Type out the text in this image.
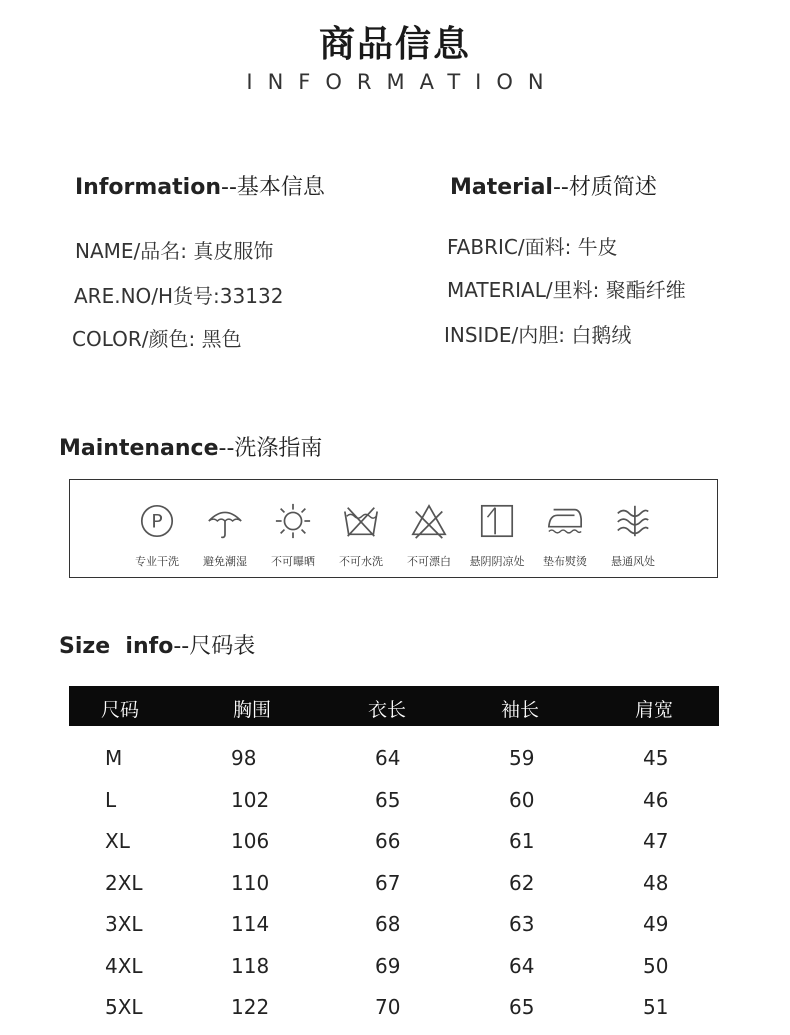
商品信息
INFORMATION
Information--基本信息
NAME/品名: 真皮服饰
ARE.NO/H货号:33132
COLOR/颜色: 黑色
Material--材质简述
FABRIC/面料: 牛皮
MATERIAL/里料: 聚酯纤维
INSIDE/内胆: 白鹅绒
Maintenance--洗涤指南
P
专业干洗	避免潮湿	不可曝晒	不可水洗	不可漂白	悬阴阴凉处	垫布熨烫	悬通风处
Size  info--尺码表
尺码	胸围	衣长	袖长	肩宽
M	98	64	59	45
L	102	65	60	46
XL	106	66	61	47
2XL	110	67	62	48
3XL	114	68	63	49
4XL	118	69	64	50
5XL	122	70	65	51
